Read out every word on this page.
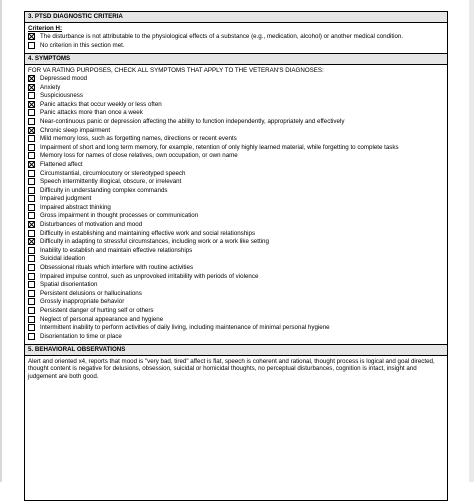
3. PTSD DIAGNOSTIC CRITERIA
Criterion H:
The disturbance is not attributable to the physiological effects of a substance (e.g., medication, alcohol) or another medical condition.
No criterion in this section met.
4. SYMPTOMS
FOR VA RATING PURPOSES, CHECK ALL SYMPTOMS THAT APPLY TO THE VETERAN'S DIAGNOSES:
Depressed mood
Anxiety
Suspiciousness
Panic attacks that occur weekly or less often
Panic attacks more than once a week
Near-continuous panic or depression affecting the ability to function independently, appropriately and effectively
Chronic sleep impairment
Mild memory loss, such as forgetting names, directions or recent events
Impairment of short and long term memory, for example, retention of only highly learned material, while forgetting to complete tasks
Memory loss for names of close relatives, own occupation, or own name
Flattened affect
Circumstantial, circumlocutory or stereotyped speech
Speech intermittently illogical, obscure, or irrelevant
Difficulty in understanding complex commands
Impaired judgment
Impaired abstract thinking
Gross impairment in thought processes or communication
Disturbances of motivation and mood
Difficulty in establishing and maintaining effective work and social relationships
Difficulty in adapting to stressful circumstances, including work or a work like setting
Inability to establish and maintain effective relationships
Suicidal ideation
Obsessional rituals which interfere with routine activities
Impaired impulse control, such as unprovoked irritability with periods of violence
Spatial disorientation
Persistent delusions or hallucinations
Grossly inappropriate behavior
Persistent danger of hurting self or others
Neglect of personal appearance and hygiene
Intermittent inability to perform activities of daily living, including maintenance of minimal personal hygiene
Disorientation to time or place
5. BEHAVIORAL OBSERVATIONS
Alert and oriented x4, reports that mood is "very bad, tired" affect is flat, speech is coherent and rational, thought process is logical and goal directed, thought content is negative for delusions, obsession, suicidal or homicidal thoughts, no perceptual disturbances, cognition is intact, insight and judgement are both good.
